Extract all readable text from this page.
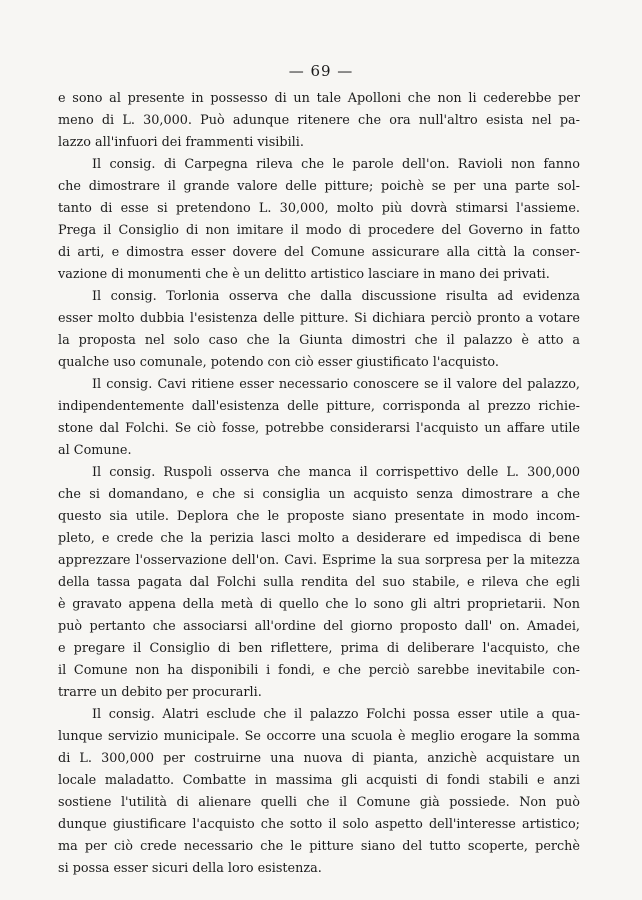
— 69 —
e sono al presente in possesso di un tale Apolloni che non li cederebbe per
meno di L. 30,000. Può adunque ritenere che ora null'altro esista nel pa-
lazzo all'infuori dei frammenti visibili.
Il consig. di Carpegna rileva che le parole dell'on. Ravioli non fanno
che dimostrare il grande valore delle pitture; poichè se per una parte sol-
tanto di esse si pretendono L. 30,000, molto più dovrà stimarsi l'assieme.
Prega il Consiglio di non imitare il modo di procedere del Governo in fatto
di arti, e dimostra esser dovere del Comune assicurare alla città la conser-
vazione di monumenti che è un delitto artistico lasciare in mano dei privati.
Il consig. Torlonia osserva che dalla discussione risulta ad evidenza
esser molto dubbia l'esistenza delle pitture. Si dichiara perciò pronto a votare
la proposta nel solo caso che la Giunta dimostri che il palazzo è atto a
qualche uso comunale, potendo con ciò esser giustificato l'acquisto.
Il consig. Cavi ritiene esser necessario conoscere se il valore del palazzo,
indipendentemente dall'esistenza delle pitture, corrisponda al prezzo richie-
stone dal Folchi. Se ciò fosse, potrebbe considerarsi l'acquisto un affare utile
al Comune.
Il consig. Ruspoli osserva che manca il corrispettivo delle L. 300,000
che si domandano, e che si consiglia un acquisto senza dimostrare a che
questo sia utile. Deplora che le proposte siano presentate in modo incom-
pleto, e crede che la perizia lasci molto a desiderare ed impedisca di bene
apprezzare l'osservazione dell'on. Cavi. Esprime la sua sorpresa per la mitezza
della tassa pagata dal Folchi sulla rendita del suo stabile, e rileva che egli
è gravato appena della metà di quello che lo sono gli altri proprietarii. Non
può pertanto che associarsi all'ordine del giorno proposto dall' on. Amadei,
e pregare il Consiglio di ben riflettere, prima di deliberare l'acquisto, che
il Comune non ha disponibili i fondi, e che perciò sarebbe inevitabile con-
trarre un debito per procurarli.
Il consig. Alatri esclude che il palazzo Folchi possa esser utile a qua-
lunque servizio municipale. Se occorre una scuola è meglio erogare la somma
di L. 300,000 per costruirne una nuova di pianta, anzichè acquistare un
locale maladatto. Combatte in massima gli acquisti di fondi stabili e anzi
sostiene l'utilità di alienare quelli che il Comune già possiede. Non può
dunque giustificare l'acquisto che sotto il solo aspetto dell'interesse artistico;
ma per ciò crede necessario che le pitture siano del tutto scoperte, perchè
si possa esser sicuri della loro esistenza.
